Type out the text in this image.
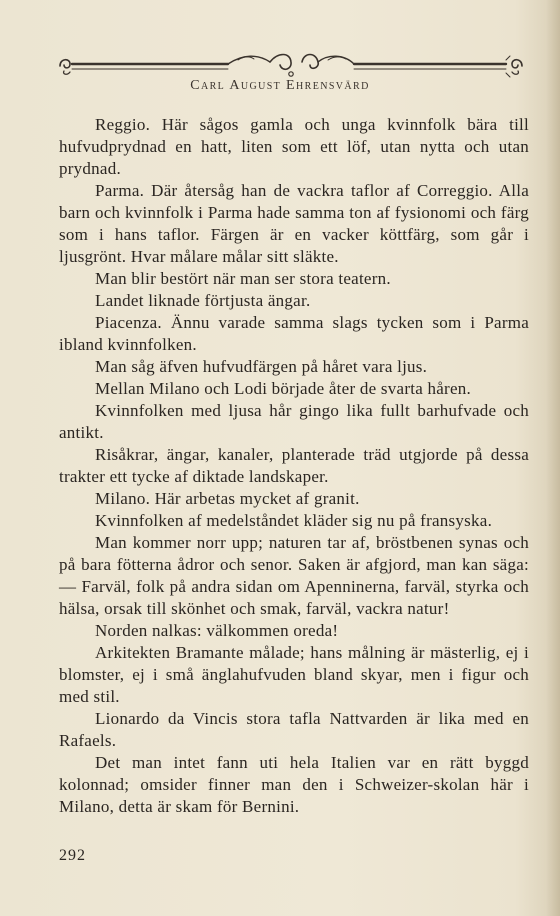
Carl August Ehrensvärd

Reggio. Här sågos gamla och unga kvinnfolk bära till hufvudprydnad en hatt, liten som ett löf, utan nytta och utan prydnad.

Parma. Där återsåg han de vackra taflor af Correggio. Alla barn och kvinnfolk i Parma hade samma ton af fysionomi och färg som i hans taflor. Färgen är en vacker köttfärg, som går i ljusgrönt. Hvar målare målar sitt släkte.

Man blir bestört när man ser stora teatern.

Landet liknade förtjusta ängar.

Piacenza. Ännu varade samma slags tycken som i Parma ibland kvinnfolken.

Man såg äfven hufvudfärgen på håret vara ljus.

Mellan Milano och Lodi började åter de svarta håren.

Kvinnfolken med ljusa hår gingo lika fullt barhufvade och antikt.

Risåkrar, ängar, kanaler, planterade träd utgjorde på dessa trakter ett tycke af diktade landskaper.

Milano. Här arbetas mycket af granit.

Kvinnfolken af medelståndet kläder sig nu på fransyska.

Man kommer norr upp; naturen tar af, bröstbenen synas och på bara fötterna ådror och senor. Saken är afgjord, man kan säga: — Farväl, folk på andra sidan om Apenninerna, farväl, styrka och hälsa, orsak till skönhet och smak, farväl, vackra natur!

Norden nalkas: välkommen oreda!

Arkitekten Bramante målade; hans målning är mästerlig, ej i blomster, ej i små änglahufvuden bland skyar, men i figur och med stil.

Lionardo da Vincis stora tafla Nattvarden är lika med en Rafaels.

Det man intet fann uti hela Italien var en rätt byggd kolonnad; omsider finner man den i Schweizer-skolan här i Milano, detta är skam för Bernini.

292
